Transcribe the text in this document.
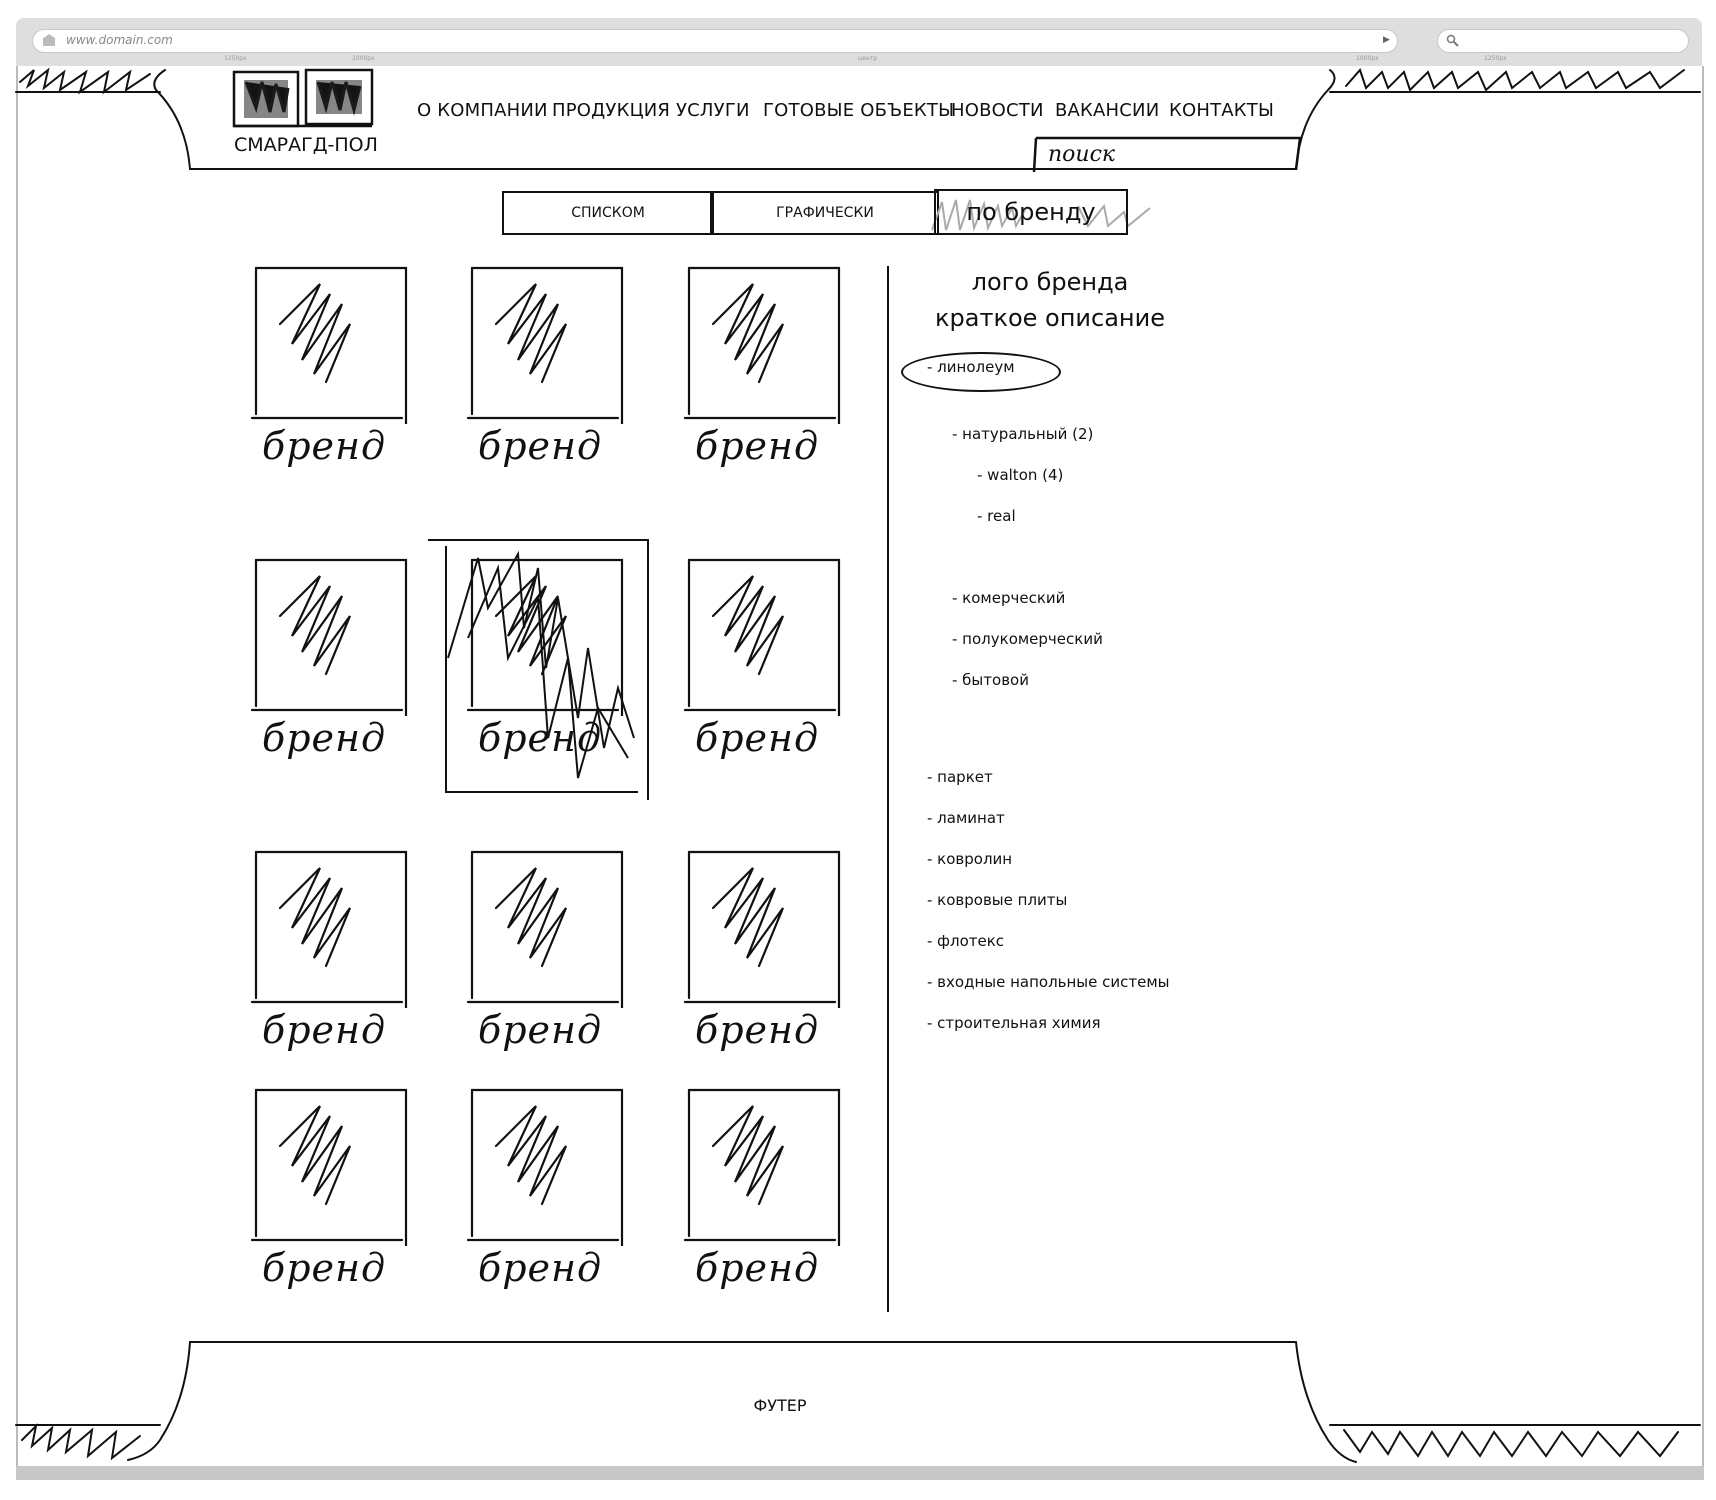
www.domain.com	▶
1250px	1000px	центр	1000px	1250px
СМАРАГД-ПОЛ
О КОМПАНИИ ПРОДУКЦИЯ УСЛУГИ ГОТОВЫЕ ОБЪЕКТЫ
НОВОСТИ ВАКАНСИИ КОНТАКТЫ
поиск
СПИСКОМ	ГРАФИЧЕСКИ	по бренду
бренд бренд бренд
бренд бренд бренд
бренд бренд бренд
бренд бренд бренд
лого бренда
краткое описание
- линолеум
- натуральный (2)
- walton (4)
- real
- комерческий
- полукомерческий
- бытовой
- паркет
- ламинат
- ковролин
- ковровые плиты
- флотекс
- входные напольные системы
- строительная химия
ФУТЕР
